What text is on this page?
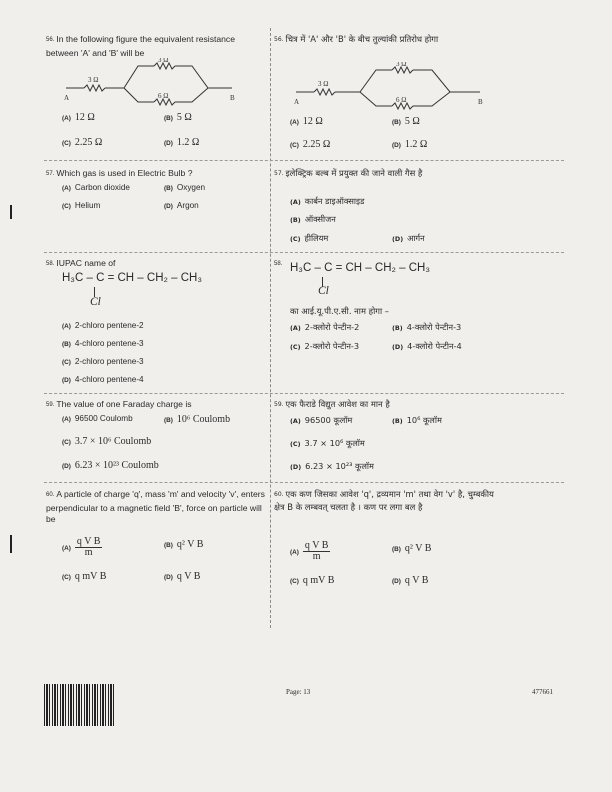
56. In the following figure the equivalent resistance between 'A' and 'B' will be
A	B
3 Ω
3 Ω
6 Ω
(A) 12 Ω	(B) 5 Ω
(C) 2.25 Ω	(D) 1.2 Ω
56. चित्र में 'A' और 'B' के बीच तुल्यांकी प्रतिरोध होगा
A	B
3 Ω
3 Ω
6 Ω
(A) 12 Ω	(B) 5 Ω
(C) 2.25 Ω	(D) 1.2 Ω
57. Which gas is used in Electric Bulb ?
(A) Carbon dioxide	(B) Oxygen
(C) Helium	(D) Argon
57. इलेक्ट्रिक बल्ब में प्रयुक्त की जाने वाली गैस है
(A) कार्बन डाइऑक्साइड
(B) ऑक्सीजन
(C) हीलियम	(D) आर्गन
58. IUPAC name of
H₃C – C = CH – CH₂ – CH₃
Cl
(A) 2-chloro pentene-2
(B) 4-chloro pentene-3
(C) 2-chloro pentene-3
(D) 4-chloro pentene-4
58. H₃C – C = CH – CH₂ – CH₃
Cl
का आई.यू.पी.ए.सी. नाम होगा –
(A) 2-क्लोरो पेन्टीन-2	(B) 4-क्लोरो पेन्टीन-3
(C) 2-क्लोरो पेन्टीन-3	(D) 4-क्लोरो पेन्टीन-4
59. The value of one Faraday charge is
(A) 96500 Coulomb	(B) 10⁶ Coulomb
(C) 3.7 × 10⁶ Coulomb
(D) 6.23 × 10²³ Coulomb
59. एक फैराडे विद्युत आवेश का मान है
(A) 96500 कूलॉम	(B) 10⁶ कूलॉम
(C) 3.7 × 10⁶ कूलॉम
(D) 6.23 × 10²³ कूलॉम
60. A particle of charge 'q', mass 'm' and velocity 'v', enters perpendicular to a magnetic field 'B', force on particle will be
$(A) \frac{\text{q V B}}{m}$	(B) q² V B
(C) q mV B	(D) q V B
60. एक कण जिसका आवेश 'q', द्रव्यमान 'm' तथा वेग 'v' है, चुम्बकीय क्षेत्र B के लम्बवत् चलता है । कण पर लगा बल है
$(A) \frac{\text{q V B}}{m}$	(B) q² V B
(C) q mV B	(D) q V B
Page: 13	477661
